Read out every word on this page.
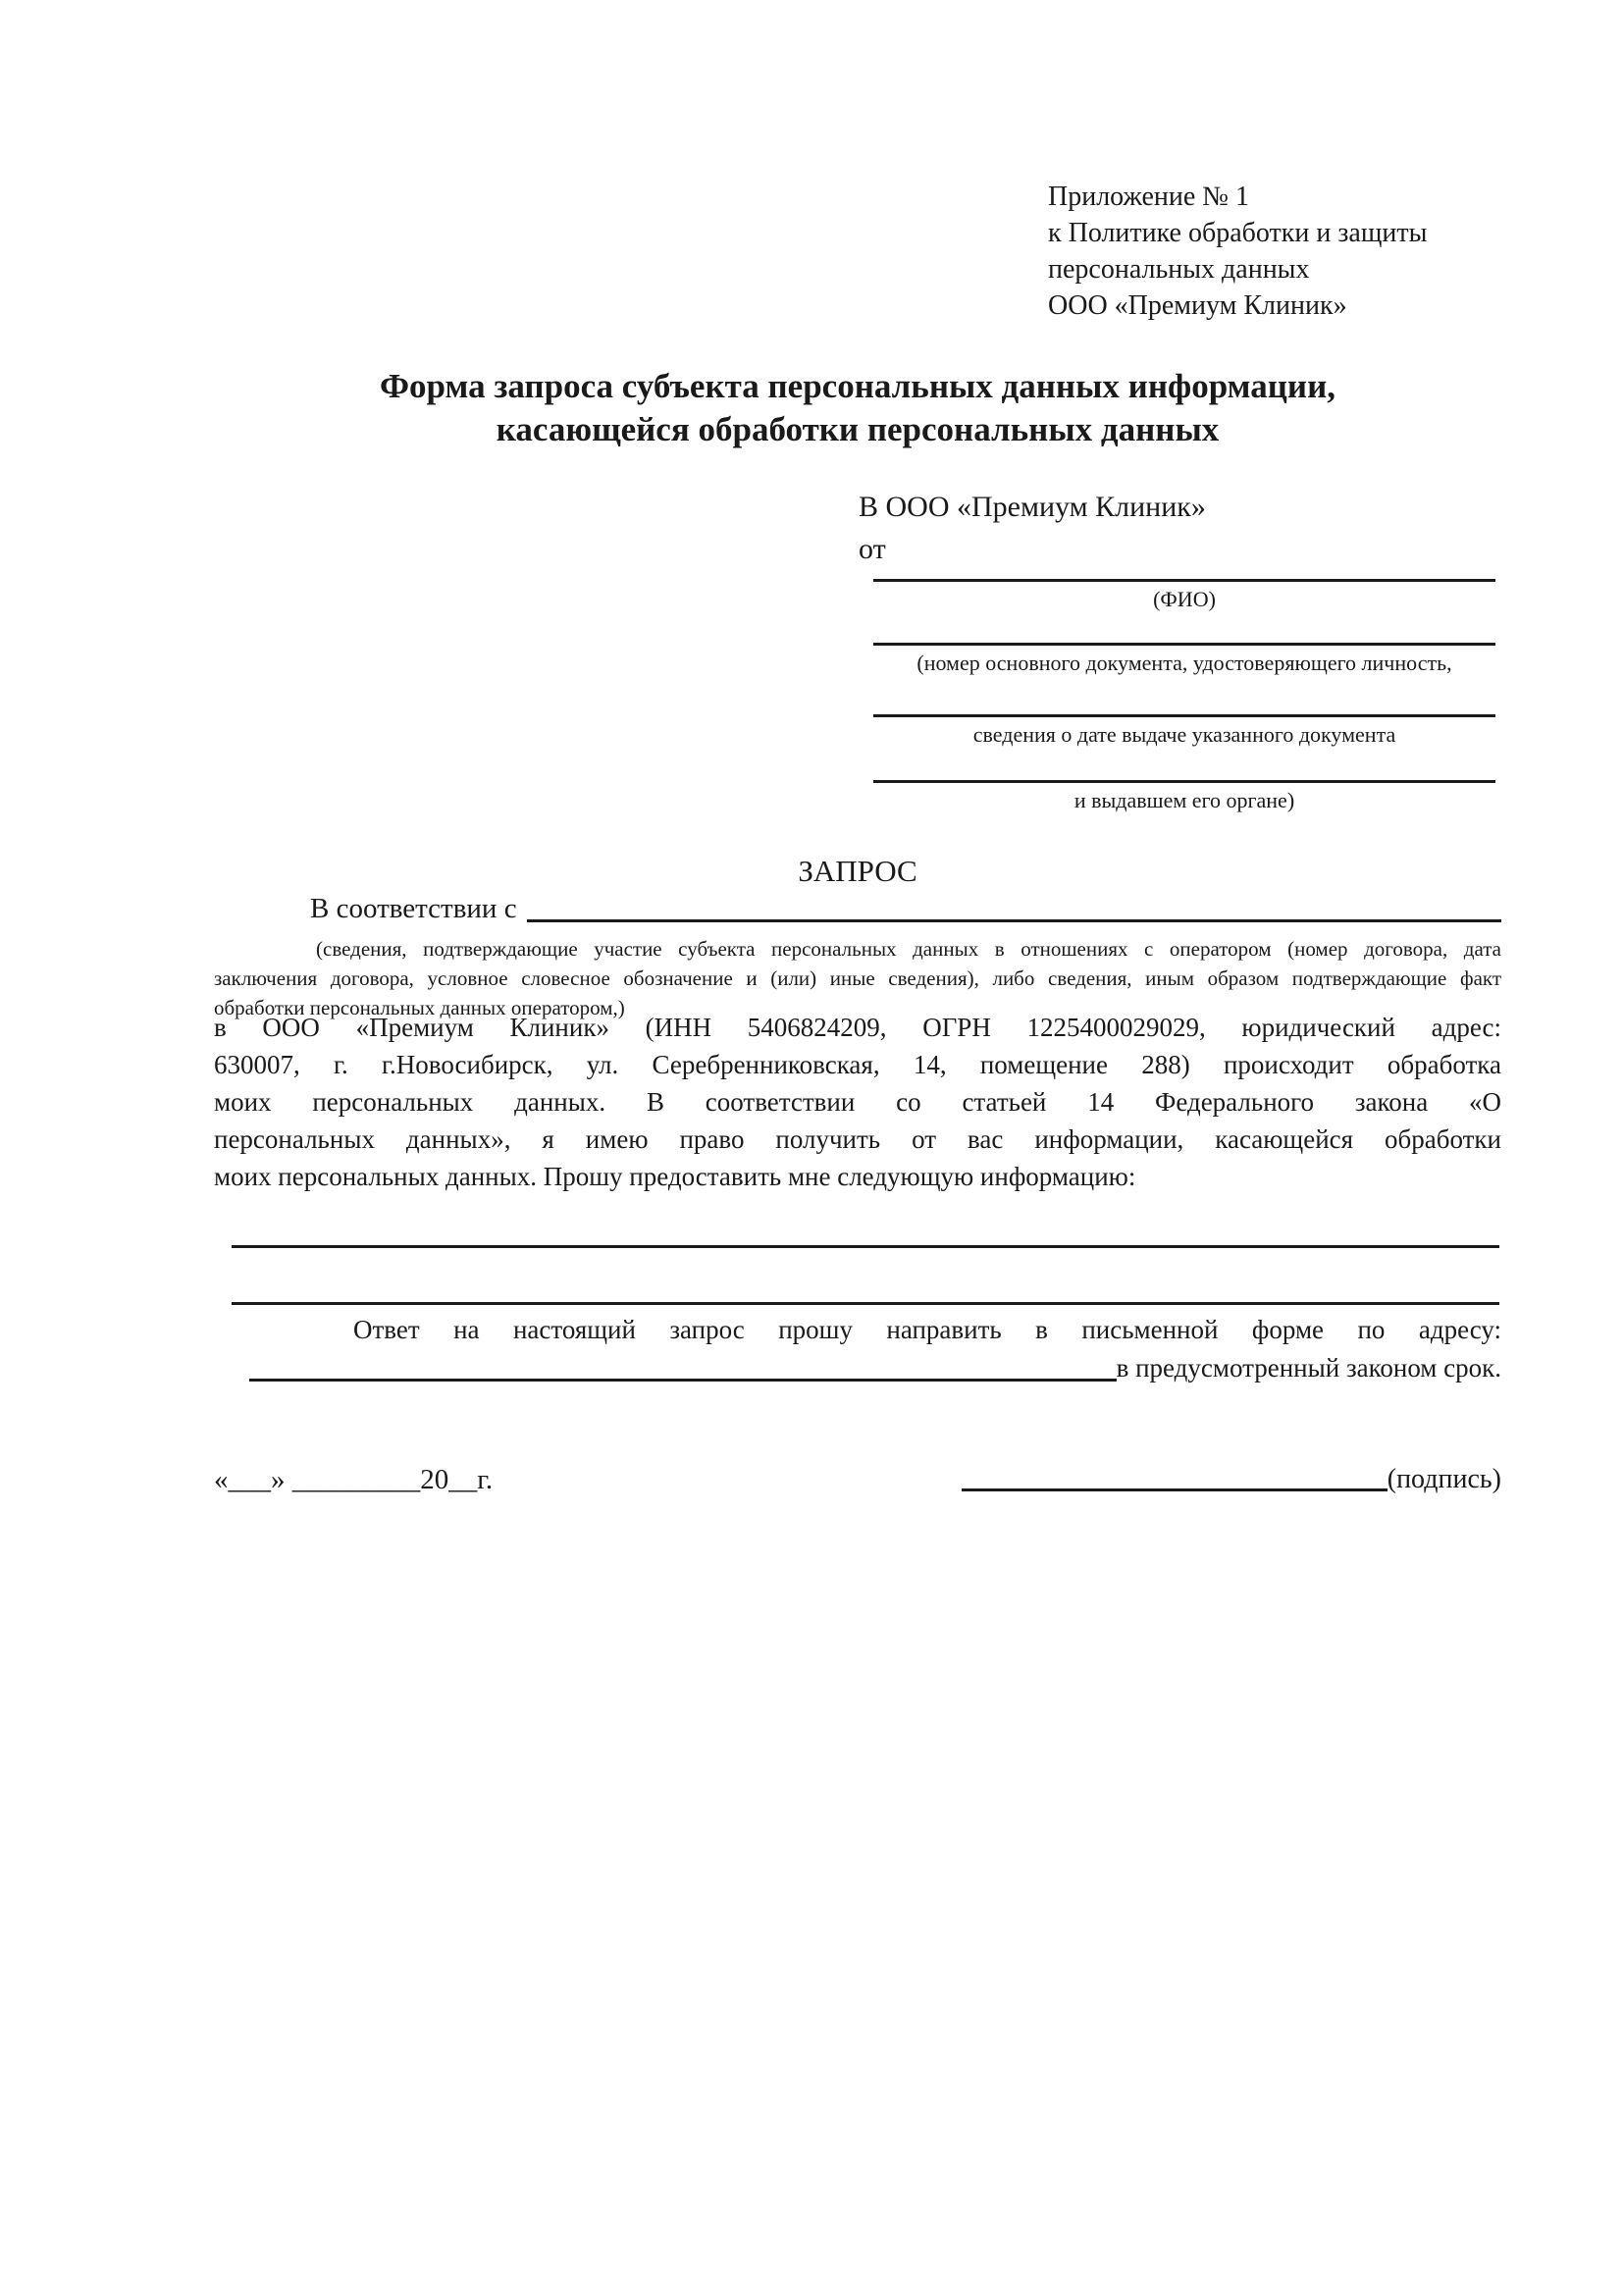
Приложение № 1
к Политике обработки и защиты
персональных данных
ООО «Премиум Клиник»
Форма запроса субъекта персональных данных информации,
касающейся обработки персональных данных
В ООО «Премиум Клиник»
от
(ФИО)
(номер основного документа, удостоверяющего личность,
сведения о дате выдаче указанного документа
и выдавшем его органе)
ЗАПРОС
В соответствии с
(сведения, подтверждающие участие субъекта персональных данных в отношениях с оператором (номер договора, дата
заключения договора, условное словесное обозначение и (или) иные сведения), либо сведения, иным образом подтверждающие факт
обработки персональных данных оператором,)
в ООО «Премиум Клиник» (ИНН 5406824209, ОГРН 1225400029029, юридический адрес:
630007, г. г.Новосибирск, ул. Серебренниковская, 14, помещение 288) происходит обработка
моих персональных данных. В соответствии со статьей 14 Федерального закона «О
персональных данных», я имею право получить от вас информации, касающейся обработки
моих персональных данных. Прошу предоставить мне следующую информацию:
Ответ на настоящий запрос прошу направить в письменной форме по адресу:
в предусмотренный законом срок.
«___» _________20__г.	(подпись)
